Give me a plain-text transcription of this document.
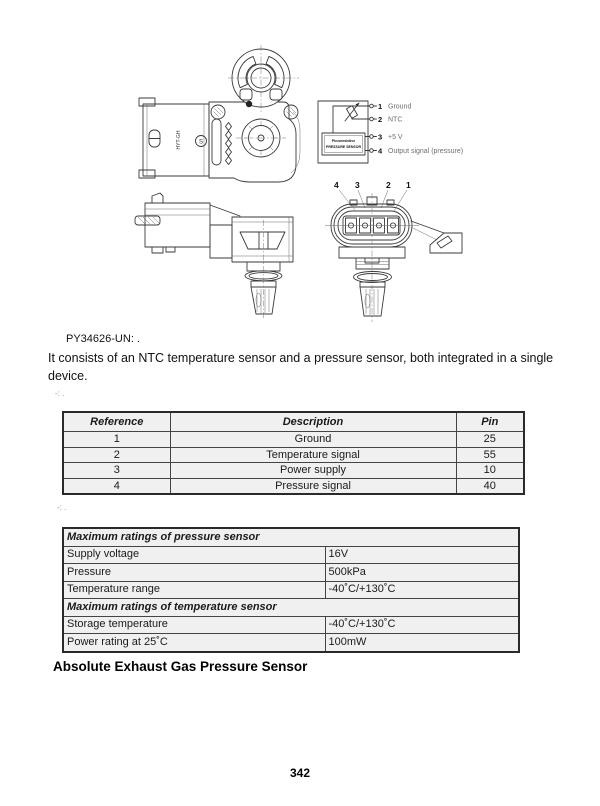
HYT-GH	S
4 3	2 1
Piezoresistive
PRESSURE SENSOR
1
2
3
4
Ground
NTC
+5 V
Output signal (pressure)
PY34626-UN: .
It consists of an NTC temperature sensor and a pressure sensor, both integrated in a single device.
-: .
Reference	Description	Pin
1	Ground	25
2	Temperature signal	55
3	Power supply	10
4	Pressure signal	40
-: .
Maximum ratings of pressure sensor	
Supply voltage	16V
Pressure	500kPa
Temperature range	-40˚C/+130˚C
Maximum ratings of temperature sensor	
Storage temperature	-40˚C/+130˚C
Power rating at 25˚C	100mW
Absolute Exhaust Gas Pressure Sensor
342
